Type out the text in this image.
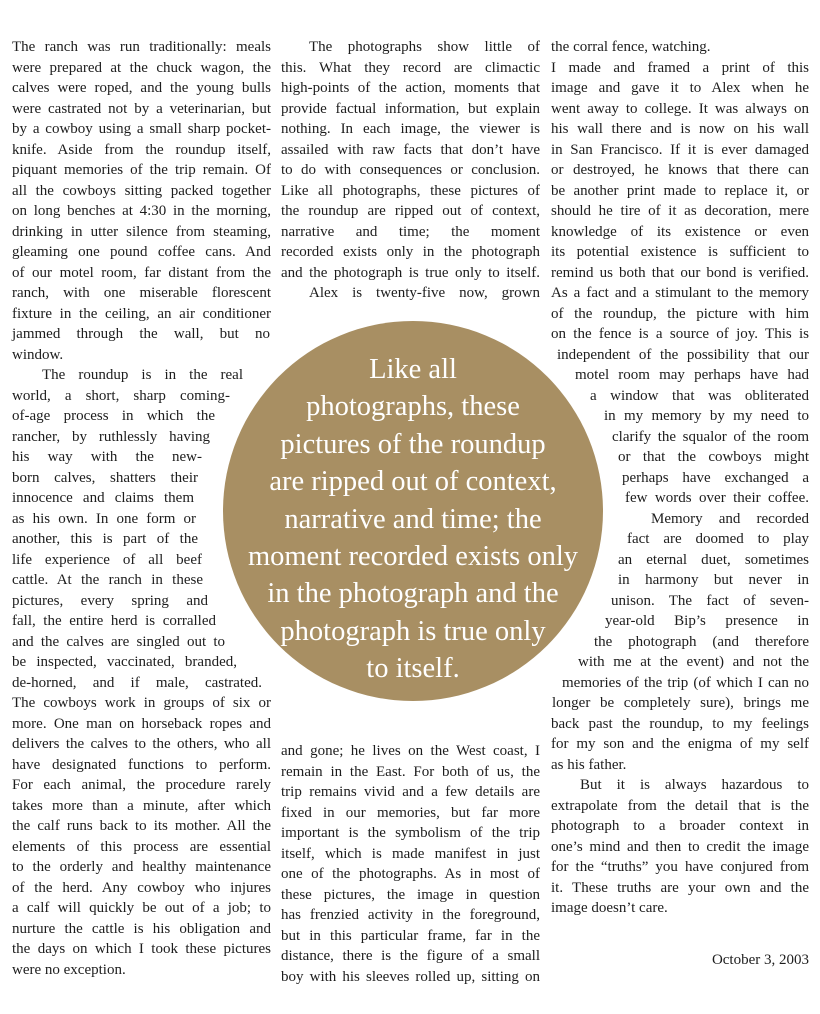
The ranch was run traditionally: meals
were prepared at the chuck wagon, the
calves were roped, and the young bulls
were castrated not by a veterinarian, but
by a cowboy using a small sharp pocket-
knife. Aside from the roundup itself,
piquant memories of the trip remain. Of
all the cowboys sitting packed together
on long benches at 4:30 in the morning,
drinking in utter silence from steaming,
gleaming one pound coffee cans. And
of our motel room, far distant from the
ranch, with one miserable florescent
fixture in the ceiling, an air conditioner
jammed through the wall, but no
window.
The roundup is in the real
world, a short, sharp coming-
of-age process in which the
rancher, by ruthlessly having
his way with the new-
born calves, shatters their
innocence and claims them
as his own. In one form or
another, this is part of the
life experience of all beef
cattle. At the ranch in these
pictures, every spring and
fall, the entire herd is corralled
and the calves are singled out to
be inspected, vaccinated, branded,
de-horned, and if male, castrated.
The cowboys work in groups of six or
more. One man on horseback ropes and
delivers the calves to the others, who all
have designated functions to perform.
For each animal, the procedure rarely
takes more than a minute, after which
the calf runs back to its mother. All the
elements of this process are essential
to the orderly and healthy maintenance
of the herd. Any cowboy who injures
a calf will quickly be out of a job; to
nurture the cattle is his obligation and
the days on which I took these pictures
were no exception.
The photographs show little of
this. What they record are climactic
high-points of the action, moments that
provide factual information, but explain
nothing. In each image, the viewer is
assailed with raw facts that don’t have
to do with consequences or conclusion.
Like all photographs, these pictures of
the roundup are ripped out of context,
narrative and time; the moment
recorded exists only in the photograph
and the photograph is true only to itself.
Alex is twenty-five now, grown
and gone; he lives on the West coast, I
remain in the East. For both of us, the
trip remains vivid and a few details are
fixed in our memories, but far more
important is the symbolism of the trip
itself, which is made manifest in just
one of the photographs. As in most of
these pictures, the image in question
has frenzied activity in the foreground,
but in this particular frame, far in the
distance, there is the figure of a small
boy with his sleeves rolled up, sitting on
the corral fence, watching.
I made and framed a print of this
image and gave it to Alex when he
went away to college. It was always on
his wall there and is now on his wall
in San Francisco. If it is ever damaged
or destroyed, he knows that there can
be another print made to replace it, or
should he tire of it as decoration, mere
knowledge of its existence or even
its potential existence is sufficient to
remind us both that our bond is verified.
As a fact and a stimulant to the memory
of the roundup, the picture with him
on the fence is a source of joy. This is
independent of the possibility that our
motel room may perhaps have had
a window that was obliterated
in my memory by my need to
clarify the squalor of the room
or that the cowboys might
perhaps have exchanged a
few words over their coffee.
Memory and recorded
fact are doomed to play
an eternal duet, sometimes
in harmony but never in
unison. The fact of seven-
year-old Bip’s presence in
the photograph (and therefore
with me at the event) and not the
memories of the trip (of which I can no
longer be completely sure), brings me
back past the roundup, to my feelings
for my son and the enigma of my self
as his father.
But it is always hazardous to
extrapolate from the detail that is the
photograph to a broader context in
one’s mind and then to credit the image
for the “truths” you have conjured from
it. These truths are your own and the
image doesn’t care.
Like all
photographs, these
pictures of the roundup
are ripped out of context,
narrative and time; the
moment recorded exists only
in the photograph and the
photograph is true only
to itself.
October 3, 2003
